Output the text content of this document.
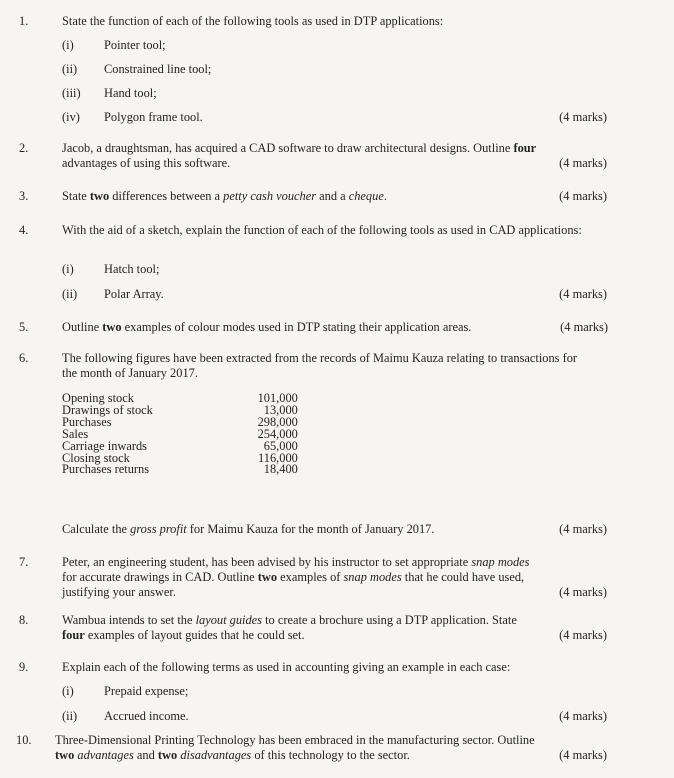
1.	State the function of each of the following tools as used in DTP applications:
(i) Pointer tool;
(ii) Constrained line tool;
(iii) Hand tool;
(iv) Polygon frame tool.	(4 marks)
2.	Jacob, a draughtsman, has acquired a CAD software to draw architectural designs. Outline four
advantages of using this software.	(4 marks)
3.	State two differences between a petty cash voucher and a cheque.	(4 marks)
4.	With the aid of a sketch, explain the function of each of the following tools as used in CAD applications:
(i) Hatch tool;
(ii) Polar Array.	(4 marks)
5.	Outline two examples of colour modes used in DTP stating their application areas.	(4 marks)
6.	The following figures have been extracted from the records of Maimu Kauza relating to transactions for the month of January 2017.
Opening stock	101,000
Drawings of stock	13,000
Purchases	298,000
Sales	254,000
Carriage inwards	65,000
Closing stock	116,000
Purchases returns	18,400
Calculate the gross profit for Maimu Kauza for the month of January 2017.	(4 marks)
7.	Peter, an engineering student, has been advised by his instructor to set appropriate snap modes
for accurate drawings in CAD. Outline two examples of snap modes that he could have used,
justifying your answer.	(4 marks)
8.	Wambua intends to set the layout guides to create a brochure using a DTP application. State
four examples of layout guides that he could set.	(4 marks)
9.	Explain each of the following terms as used in accounting giving an example in each case:
(i) Prepaid expense;
(ii) Accrued income.	(4 marks)
10. Three-Dimensional Printing Technology has been embraced in the manufacturing sector. Outline
two advantages and two disadvantages of this technology to the sector.	(4 marks)
